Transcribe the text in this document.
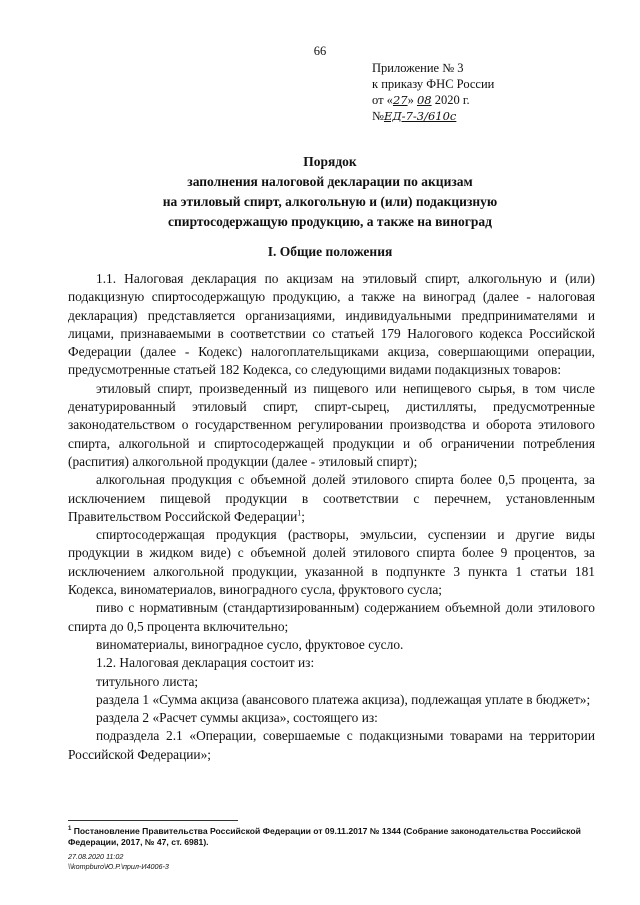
66
Приложение № 3
к приказу ФНС России
от «27» 08 2020 г.
№ЕД-7-3/610с
Порядок
заполнения налоговой декларации по акцизам
на этиловый спирт, алкогольную и (или) подакцизную
спиртосодержащую продукцию, а также на виноград
I. Общие положения

1.1. Налоговая декларация по акцизам на этиловый спирт, алкогольную и (или) подакцизную спиртосодержащую продукцию, а также на виноград (далее - налоговая декларация) представляется организациями, индивидуальными предпринимателями и лицами, признаваемыми в соответствии со статьей 179 Налогового кодекса Российской Федерации (далее - Кодекс) налогоплательщиками акциза, совершающими операции, предусмотренные статьей 182 Кодекса, со следующими видами подакцизных товаров:

этиловый спирт, произведенный из пищевого или непищевого сырья, в том числе денатурированный этиловый спирт, спирт-сырец, дистилляты, предусмотренные законодательством о государственном регулировании производства и оборота этилового спирта, алкогольной и спиртосодержащей продукции и об ограничении потребления (распития) алкогольной продукции (далее - этиловый спирт);

алкогольная продукция с объемной долей этилового спирта более 0,5 процента, за исключением пищевой продукции в соответствии с перечнем, установленным Правительством Российской Федерации$^1$;

спиртосодержащая продукция (растворы, эмульсии, суспензии и другие виды продукции в жидком виде) с объемной долей этилового спирта более 9 процентов, за исключением алкогольной продукции, указанной в подпункте 3 пункта 1 статьи 181 Кодекса, виноматериалов, виноградного сусла, фруктового сусла;

пиво с нормативным (стандартизированным) содержанием объемной доли этилового спирта до 0,5 процента включительно;

виноматериалы, виноградное сусло, фруктовое сусло.

1.2. Налоговая декларация состоит из:

титульного листа;

раздела 1 «Сумма акциза (авансового платежа акциза), подлежащая уплате в бюджет»;

раздела 2 «Расчет суммы акциза», состоящего из:

подраздела 2.1 «Операции, совершаемые с подакцизными товарами на территории Российской Федерации»;

$^1$ Постановление Правительства Российской Федерации от 09.11.2017 № 1344 (Собрание законодательства Российской Федерации, 2017, № 47, ст. 6981).
27.08.2020 11:02
\\kompburo\Ю.Р.\прил-И4006-3
